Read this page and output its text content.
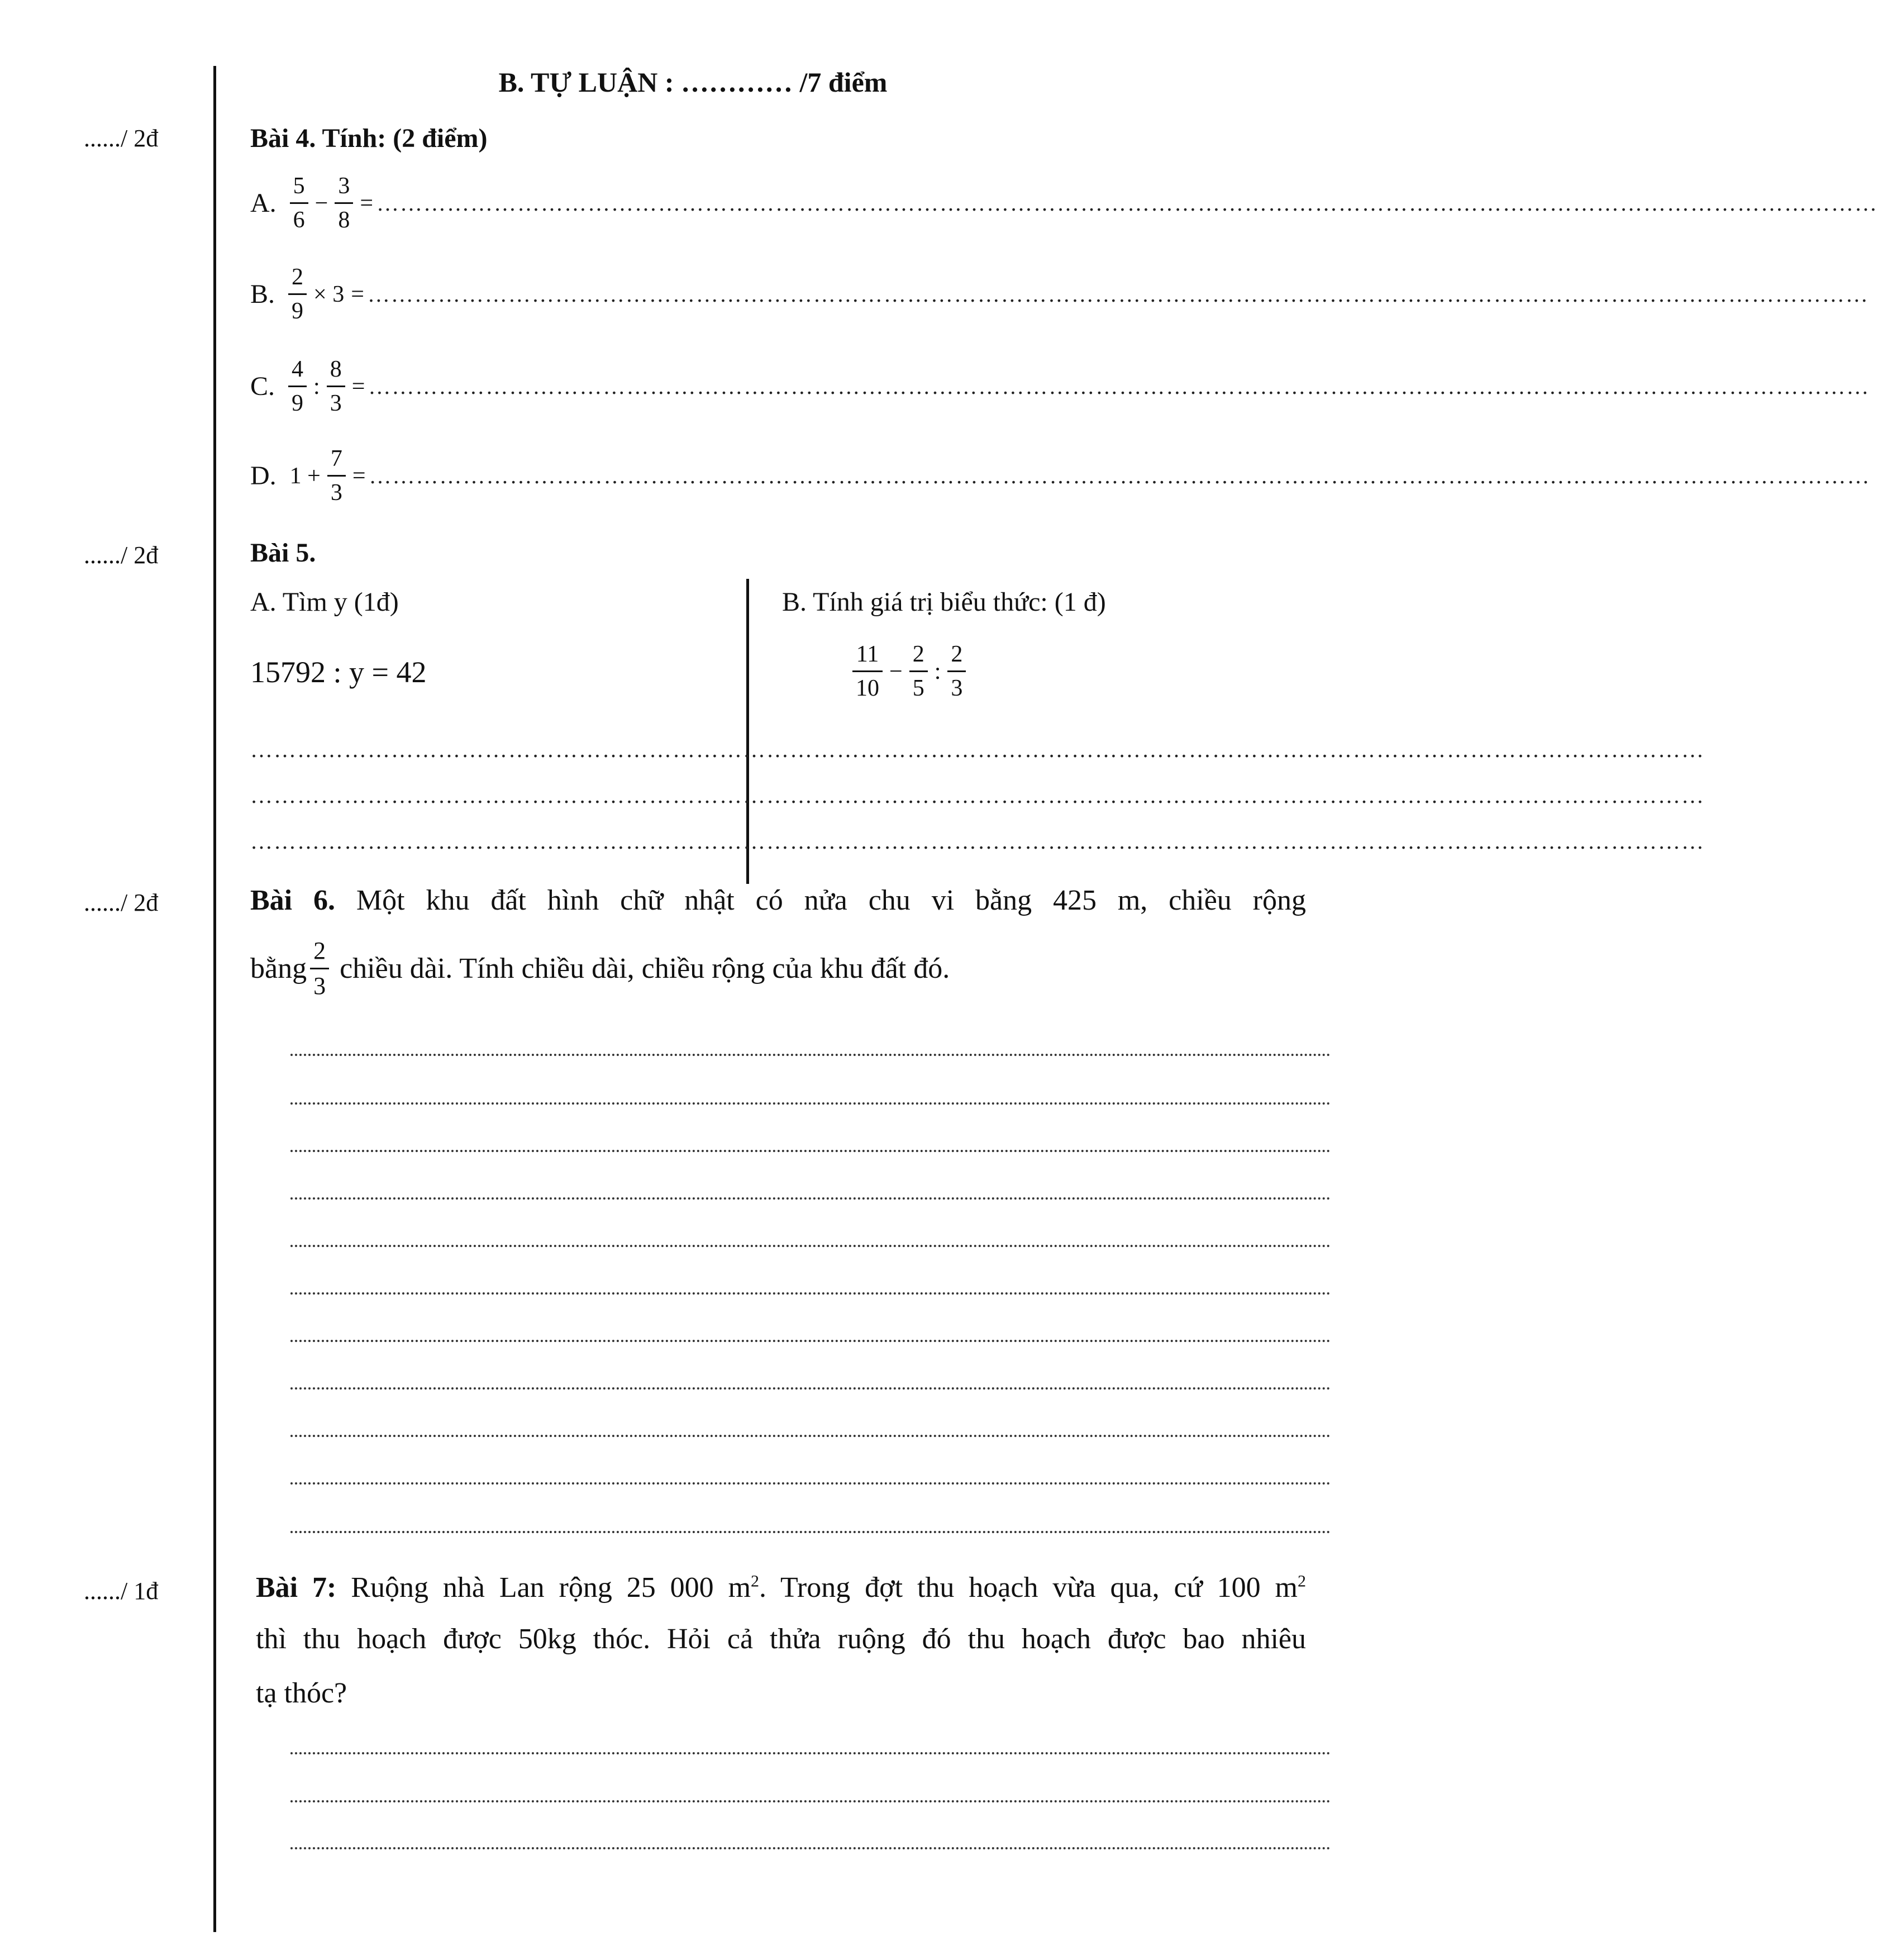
B. TỰ LUẬN : ………… /7 điểm
....../ 2đ
....../ 2đ
....../ 2đ
....../ 1đ
Bài 4. Tính: (2 điểm)
A. $\frac{5}{6} - \frac{3}{8}$ = …………………………………………………………………………………………………………………………………………………………………………
B. $\frac{2}{9} \times 3$ = …………………………………………………………………………………………………………………………………………………………………………
C. $\frac{4}{9}$ : $\frac{8}{3}$ = …………………………………………………………………………………………………………………………………………………………………………
D. $1 + \frac{7}{3}$ = …………………………………………………………………………………………………………………………………………………………………………
Bài 5.
A. Tìm y (1đ)
15792 : y = 42
B. Tính giá trị biểu thức: (1 đ)
$\frac{11}{10} - \frac{2}{5}$ : $\frac{2}{3}$
……………………………………………………………………………………………………………………………………………………………………
……………………………………………………………………………………………………………………………………………………………………
……………………………………………………………………………………………………………………………………………………………………
Bài 6. Một khu đất hình chữ nhật có nửa chu vi bằng 425 m, chiều rộng
bằng $\frac{2}{3}$ chiều dài. Tính chiều dài, chiều rộng của khu đất đó.
Bài 7: Ruộng nhà Lan rộng 25 000 $m^2$. Trong đợt thu hoạch vừa qua, cứ 100 $m^2$
thì thu hoạch được 50kg thóc. Hỏi cả thửa ruộng đó thu hoạch được bao nhiêu
tạ thóc?
